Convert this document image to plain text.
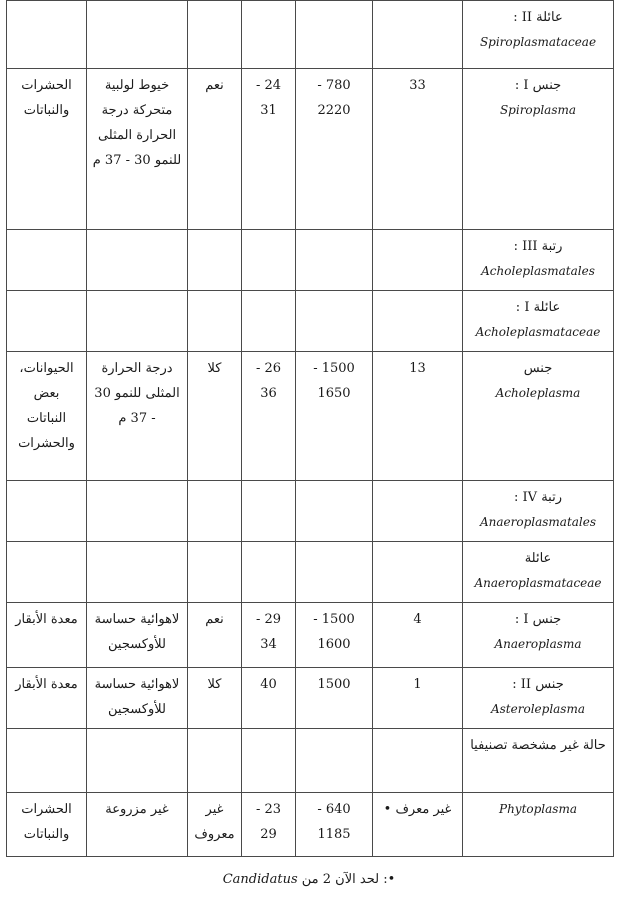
عائلة II :
Spiroplasmataceae						

جنس I :
Spiroplasma	33	780 - 2220	24 - 31	نعم	خيوط لولبية متحركة درجة الحرارة المثلى للنمو 30 - 37 م	الحشرات والنباتات

رتبة III :
Acholeplasmatales						

عائلة I :
Acholeplasmataceae						

جنس
Acholeplasma	13	1500 - 1650	26 - 36	كلا	درجة الحرارة المثلى للنمو 30 - 37 م	الحيوانات، بعض النباتات والحشرات

رتبة IV :
Anaeroplasmatales						

عائلة
Anaeroplasmataceae						

جنس I :
Anaeroplasma	4	1500 - 1600	29 - 34	نعم	لاهوائية حساسة للأوكسجين	معدة الأبقار

جنس II :
Asteroleplasma	1	1500	40	كلا	لاهوائية حساسة للأوكسجين	معدة الأبقار

حالة غير مشخصة تصنيفيا						

Phytoplasma	غير معرف •	640 - 1185	23 - 29	غير معروف	غير مزروعة	الحشرات والنباتات
•: لحد الآن 2 من Candidatus
